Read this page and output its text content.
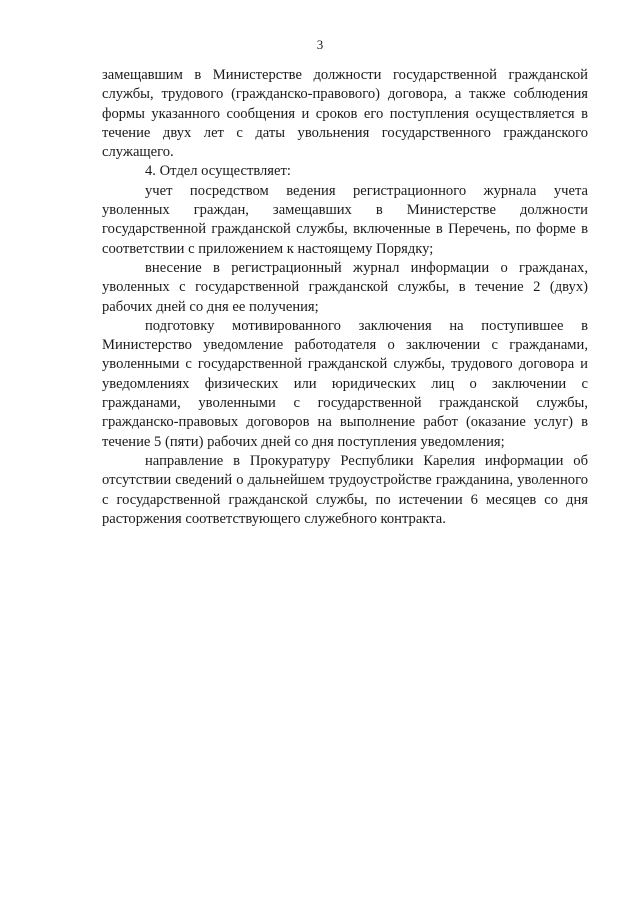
3

замещавшим в Министерстве должности государственной гражданской службы, трудового (гражданско-правового) договора, а также соблюдения формы указанного сообщения и сроков его поступления осуществляется в течение двух лет с даты увольнения государственного гражданского служащего.

4. Отдел осуществляет:

учет посредством ведения регистрационного журнала учета уволенных граждан, замещавших в Министерстве должности государственной гражданской службы, включенные в Перечень, по форме в соответствии с приложением к настоящему Порядку;

внесение в регистрационный журнал информации о гражданах, уволенных с государственной гражданской службы, в течение 2 (двух) рабочих дней со дня ее получения;

подготовку мотивированного заключения на поступившее в Министерство уведомление работодателя о заключении с гражданами, уволенными с государственной гражданской службы, трудового договора и уведомлениях физических или юридических лиц о заключении с гражданами, уволенными с государственной гражданской службы, гражданско-правовых договоров на выполнение работ (оказание услуг) в течение 5 (пяти) рабочих дней со дня поступления уведомления;

направление в Прокуратуру Республики Карелия информации об отсутствии сведений о дальнейшем трудоустройстве гражданина, уволенного с государственной гражданской службы, по истечении 6 месяцев со дня расторжения соответствующего служебного контракта.
